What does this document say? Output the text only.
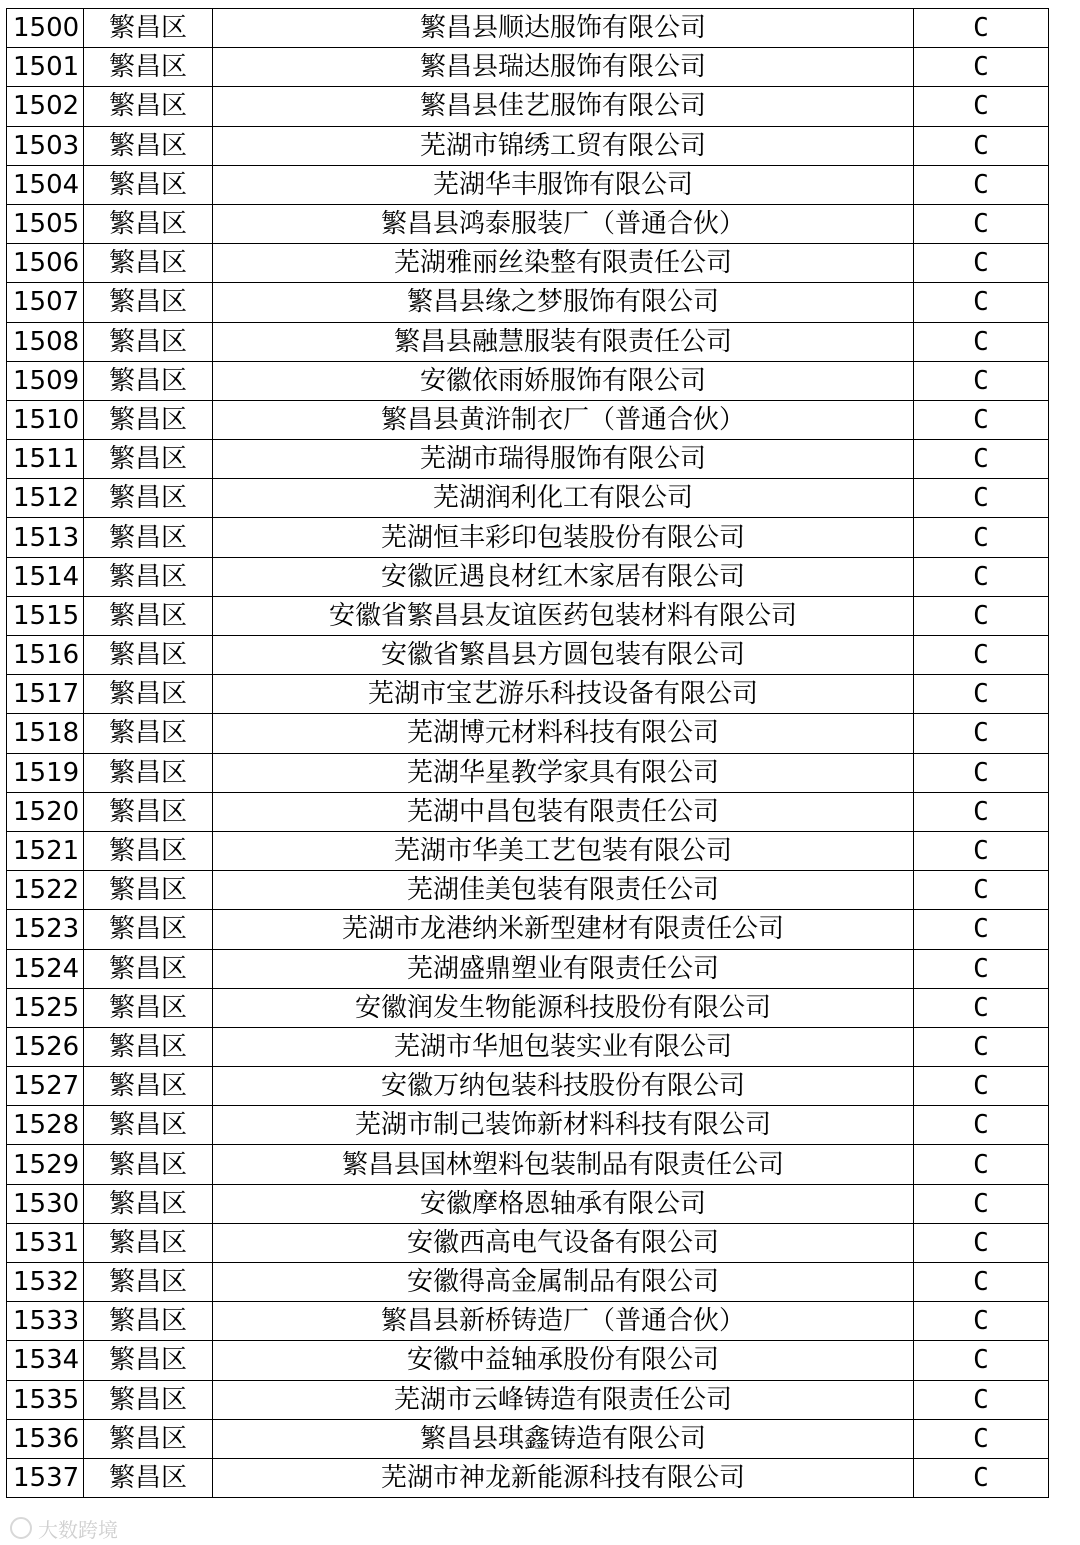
1500	繁昌区	繁昌县顺达服饰有限公司	C
1501	繁昌区	繁昌县瑞达服饰有限公司	C
1502	繁昌区	繁昌县佳艺服饰有限公司	C
1503	繁昌区	芜湖市锦绣工贸有限公司	C
1504	繁昌区	芜湖华丰服饰有限公司	C
1505	繁昌区	繁昌县鸿泰服装厂（普通合伙）	C
1506	繁昌区	芜湖雅丽丝染整有限责任公司	C
1507	繁昌区	繁昌县缘之梦服饰有限公司	C
1508	繁昌区	繁昌县融慧服装有限责任公司	C
1509	繁昌区	安徽依雨娇服饰有限公司	C
1510	繁昌区	繁昌县黄浒制衣厂（普通合伙）	C
1511	繁昌区	芜湖市瑞得服饰有限公司	C
1512	繁昌区	芜湖润利化工有限公司	C
1513	繁昌区	芜湖恒丰彩印包装股份有限公司	C
1514	繁昌区	安徽匠遇良材红木家居有限公司	C
1515	繁昌区	安徽省繁昌县友谊医药包装材料有限公司	C
1516	繁昌区	安徽省繁昌县方圆包装有限公司	C
1517	繁昌区	芜湖市宝艺游乐科技设备有限公司	C
1518	繁昌区	芜湖博元材料科技有限公司	C
1519	繁昌区	芜湖华星教学家具有限公司	C
1520	繁昌区	芜湖中昌包装有限责任公司	C
1521	繁昌区	芜湖市华美工艺包装有限公司	C
1522	繁昌区	芜湖佳美包装有限责任公司	C
1523	繁昌区	芜湖市龙港纳米新型建材有限责任公司	C
1524	繁昌区	芜湖盛鼎塑业有限责任公司	C
1525	繁昌区	安徽润发生物能源科技股份有限公司	C
1526	繁昌区	芜湖市华旭包装实业有限公司	C
1527	繁昌区	安徽万纳包装科技股份有限公司	C
1528	繁昌区	芜湖市制己装饰新材料科技有限公司	C
1529	繁昌区	繁昌县国林塑料包装制品有限责任公司	C
1530	繁昌区	安徽摩格恩轴承有限公司	C
1531	繁昌区	安徽西高电气设备有限公司	C
1532	繁昌区	安徽得高金属制品有限公司	C
1533	繁昌区	繁昌县新桥铸造厂（普通合伙）	C
1534	繁昌区	安徽中益轴承股份有限公司	C
1535	繁昌区	芜湖市云峰铸造有限责任公司	C
1536	繁昌区	繁昌县琪鑫铸造有限公司	C
1537	繁昌区	芜湖市神龙新能源科技有限公司	C
大数跨境
